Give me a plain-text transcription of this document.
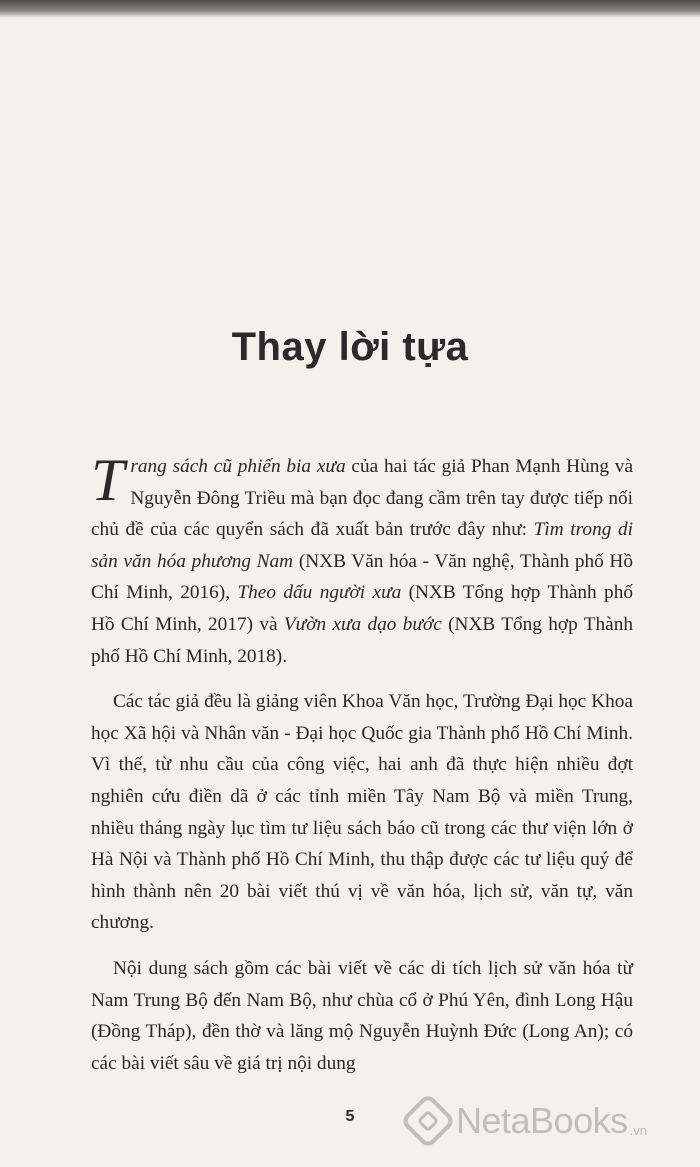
Thay lời tựa

Trang sách cũ phiến bia xưa của hai tác giả Phan Mạnh Hùng và Nguyễn Đông Triều mà bạn đọc đang cầm trên tay được tiếp nối chủ đề của các quyển sách đã xuất bản trước đây như: Tìm trong di sản văn hóa phương Nam (NXB Văn hóa - Văn nghệ, Thành phố Hồ Chí Minh, 2016), Theo dấu người xưa (NXB Tổng hợp Thành phố Hồ Chí Minh, 2017) và Vườn xưa dạo bước (NXB Tổng hợp Thành phố Hồ Chí Minh, 2018).

Các tác giả đều là giảng viên Khoa Văn học, Trường Đại học Khoa học Xã hội và Nhân văn - Đại học Quốc gia Thành phố Hồ Chí Minh. Vì thế, từ nhu cầu của công việc, hai anh đã thực hiện nhiều đợt nghiên cứu điền dã ở các tỉnh miền Tây Nam Bộ và miền Trung, nhiều tháng ngày lục tìm tư liệu sách báo cũ trong các thư viện lớn ở Hà Nội và Thành phố Hồ Chí Minh, thu thập được các tư liệu quý để hình thành nên 20 bài viết thú vị về văn hóa, lịch sử, văn tự, văn chương.

Nội dung sách gồm các bài viết về các di tích lịch sử văn hóa từ Nam Trung Bộ đến Nam Bộ, như chùa cổ ở Phú Yên, đình Long Hậu (Đồng Tháp), đền thờ và lăng mộ Nguyễn Huỳnh Đức (Long An); có các bài viết sâu về giá trị nội dung

5	NetaBooks .vn
